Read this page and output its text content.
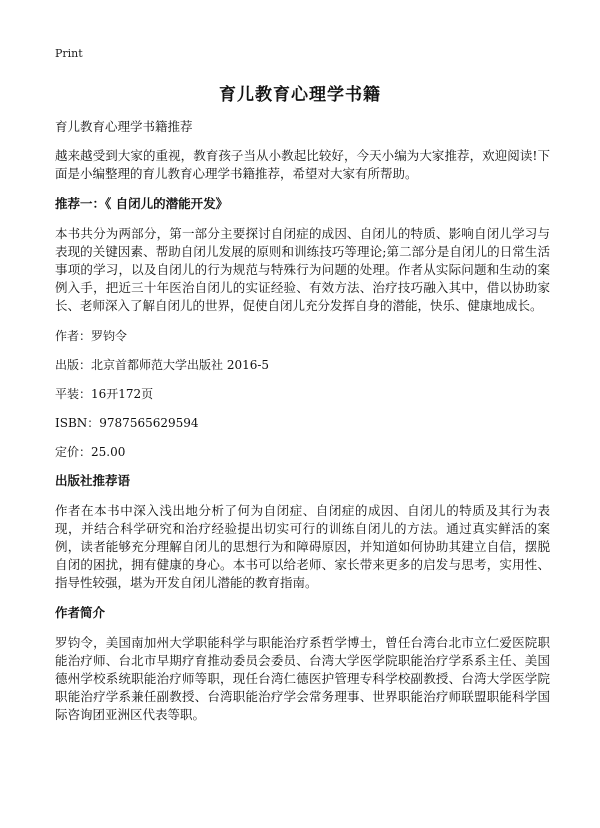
Print
育儿教育心理学书籍

育儿教育心理学书籍推荐

越来越受到大家的重视，教育孩子当从小教起比较好，今天小编为大家推荐，欢迎阅读!下面是小编整理的育儿教育心理学书籍推荐，希望对大家有所帮助。

推荐一：《 自闭儿的潜能开发》

本书共分为两部分，第一部分主要探讨自闭症的成因、自闭儿的特质、影响自闭儿学习与表现的关键因素、帮助自闭儿发展的原则和训练技巧等理论;第二部分是自闭儿的日常生活事项的学习，以及自闭儿的行为规范与特殊行为问题的处理。作者从实际问题和生动的案例入手，把近三十年医治自闭儿的实证经验、有效方法、治疗技巧融入其中，借以协助家长、老师深入了解自闭儿的世界，促使自闭儿充分发挥自身的潜能，快乐、健康地成长。

作者：罗钧令

出版：北京首都师范大学出版社 2016-5

平装：16开172页

ISBN：9787565629594

定价：25.00

出版社推荐语

作者在本书中深入浅出地分析了何为自闭症、自闭症的成因、自闭儿的特质及其行为表现，并结合科学研究和治疗经验提出切实可行的训练自闭儿的方法。通过真实鲜活的案例，读者能够充分理解自闭儿的思想行为和障碍原因，并知道如何协助其建立自信，摆脱自闭的困扰，拥有健康的身心。本书可以给老师、家长带来更多的启发与思考，实用性、指导性较强，堪为开发自闭儿潜能的教育指南。

作者简介

罗钧令，美国南加州大学职能科学与职能治疗系哲学博士，曾任台湾台北市立仁爱医院职能治疗师、台北市早期疗育推动委员会委员、台湾大学医学院职能治疗学系系主任、美国德州学校系统职能治疗师等职，现任台湾仁德医护管理专科学校副教授、台湾大学医学院职能治疗学系兼任副教授、台湾职能治疗学会常务理事、世界职能治疗师联盟职能科学国际咨询团亚洲区代表等职。
